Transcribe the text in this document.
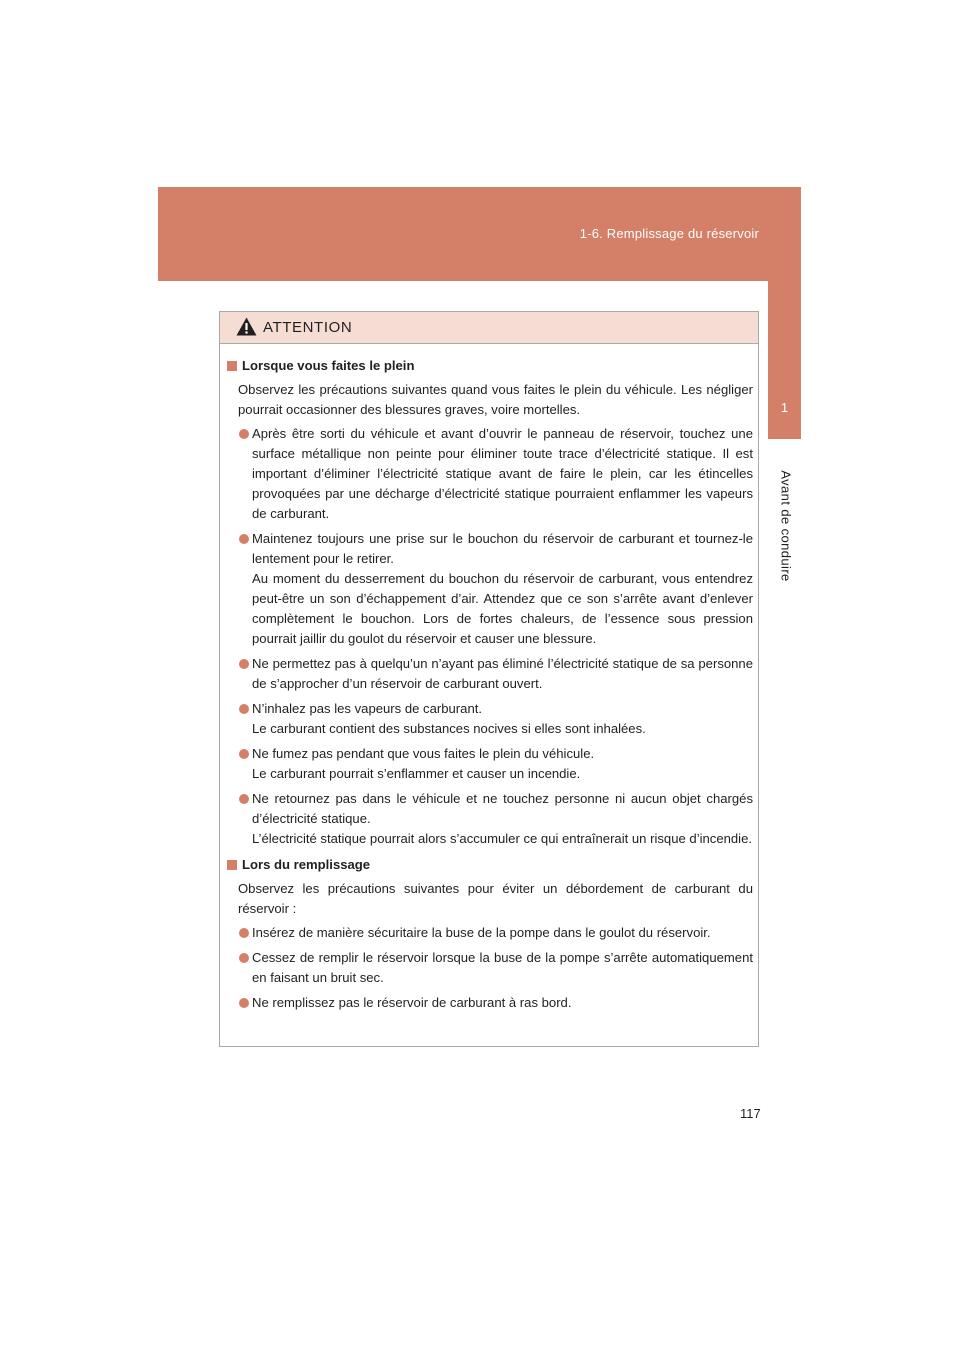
1-6. Remplissage du réservoir
1
Avant de conduire
ATTENTION
Lorsque vous faites le plein
Observez les précautions suivantes quand vous faites le plein du véhicule. Les négliger pourrait occasionner des blessures graves, voire mortelles.
Après être sorti du véhicule et avant d’ouvrir le panneau de réservoir, touchez une surface métallique non peinte pour éliminer toute trace d’électricité statique. Il est important d’éliminer l’électricité statique avant de faire le plein, car les étincelles provoquées par une décharge d’électricité statique pourraient enflammer les vapeurs de carburant.
Maintenez toujours une prise sur le bouchon du réservoir de carburant et tournez-le lentement pour le retirer.
Au moment du desserrement du bouchon du réservoir de carburant, vous entendrez peut-être un son d’échappement d’air. Attendez que ce son s’arrête avant d’enlever complètement le bouchon. Lors de fortes chaleurs, de l’essence sous pression pourrait jaillir du goulot du réservoir et causer une blessure.
Ne permettez pas à quelqu’un n’ayant pas éliminé l’électricité statique de sa personne de s’approcher d’un réservoir de carburant ouvert.
N’inhalez pas les vapeurs de carburant.
Le carburant contient des substances nocives si elles sont inhalées.
Ne fumez pas pendant que vous faites le plein du véhicule.
Le carburant pourrait s’enflammer et causer un incendie.
Ne retournez pas dans le véhicule et ne touchez personne ni aucun objet chargés d’électricité statique.
L’électricité statique pourrait alors s’accumuler ce qui entraînerait un risque d’incendie.
Lors du remplissage
Observez les précautions suivantes pour éviter un débordement de carburant du réservoir :
Insérez de manière sécuritaire la buse de la pompe dans le goulot du réservoir.
Cessez de remplir le réservoir lorsque la buse de la pompe s’arrête automatiquement en faisant un bruit sec.
Ne remplissez pas le réservoir de carburant à ras bord.
117
